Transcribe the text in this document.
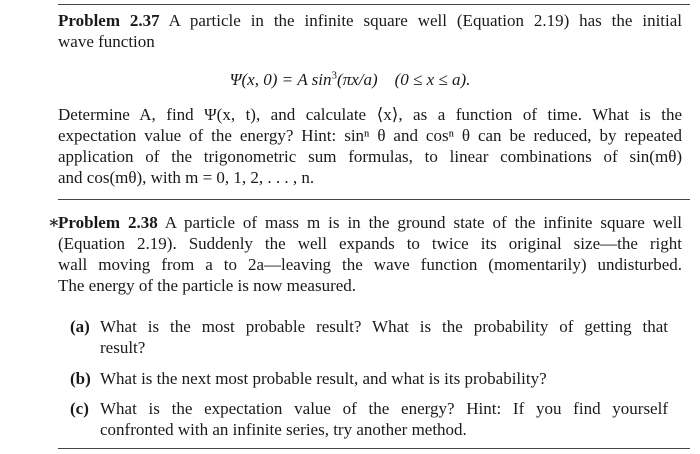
Problem 2.37 A particle in the infinite square well (Equation 2.19) has the initial
wave function
Ψ(x, 0) = A $\sin^3(\pi x/a)$    (0 ≤ x ≤ a).
Determine A, find Ψ(x, t), and calculate ⟨x⟩, as a function of time. What is the
expectation value of the energy? Hint: sinⁿ θ and cosⁿ θ can be reduced, by repeated
application of the trigonometric sum formulas, to linear combinations of sin(mθ)
and cos(mθ), with m = 0, 1, 2, . . . , n.
∗
Problem 2.38 A particle of mass m is in the ground state of the infinite square well
(Equation 2.19). Suddenly the well expands to twice its original size—the right
wall moving from a to 2a—leaving the wave function (momentarily) undisturbed.
The energy of the particle is now measured.
(a) What is the most probable result? What is the probability of getting that
result?
(b) What is the next most probable result, and what is its probability?
(c) What is the expectation value of the energy? Hint: If you find yourself
confronted with an infinite series, try another method.
